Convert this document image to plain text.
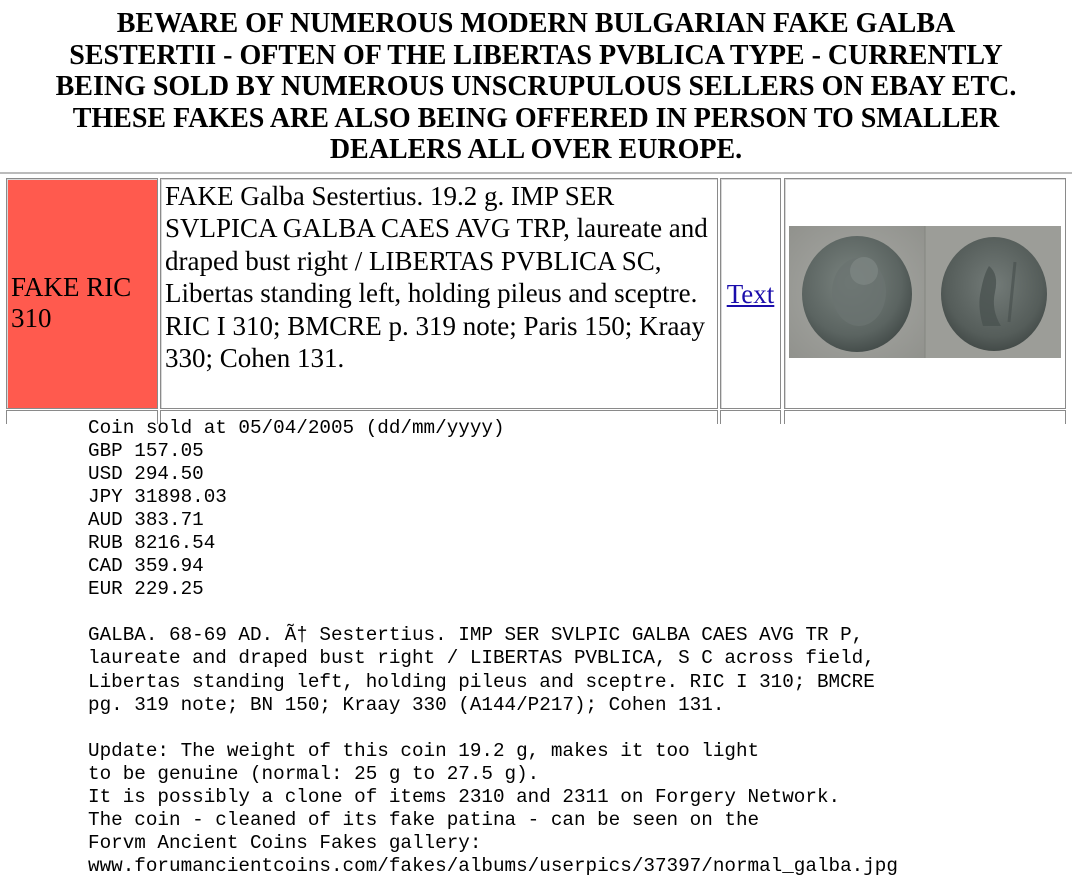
BEWARE OF NUMEROUS MODERN BULGARIAN FAKE GALBA
SESTERTII - OFTEN OF THE LIBERTAS PVBLICA TYPE - CURRENTLY
BEING SOLD BY NUMEROUS UNSCRUPULOUS SELLERS ON EBAY ETC.
THESE FAKES ARE ALSO BEING OFFERED IN PERSON TO SMALLER
DEALERS ALL OVER EUROPE.
FAKE RIC 310
FAKE Galba Sestertius. 19.2 g. IMP SER SVLPICA GALBA CAES AVG TRP, laureate and draped bust right / LIBERTAS PVBLICA SC, Libertas standing left, holding pileus and sceptre. RIC I 310; BMCRE p. 319 note; Paris 150; Kraay 330; Cohen 131.
Text
Coin sold at 05/04/2005 (dd/mm/yyyy)
GBP 157.05
USD 294.50
JPY 31898.03
AUD 383.71
RUB 8216.54
CAD 359.94
EUR 229.25
GALBA. 68-69 AD. Ã† Sestertius. IMP SER SVLPIC GALBA CAES AVG TR P,
laureate and draped bust right / LIBERTAS PVBLICA, S C across field,
Libertas standing left, holding pileus and sceptre. RIC I 310; BMCRE
pg. 319 note; BN 150; Kraay 330 (A144/P217); Cohen 131.
Update: The weight of this coin 19.2 g, makes it too light
to be genuine (normal: 25 g to 27.5 g).
It is possibly a clone of items 2310 and 2311 on Forgery Network.
The coin - cleaned of its fake patina - can be seen on the
Forvm Ancient Coins Fakes gallery:
www.forumancientcoins.com/fakes/albums/userpics/37397/normal_galba.jpg
